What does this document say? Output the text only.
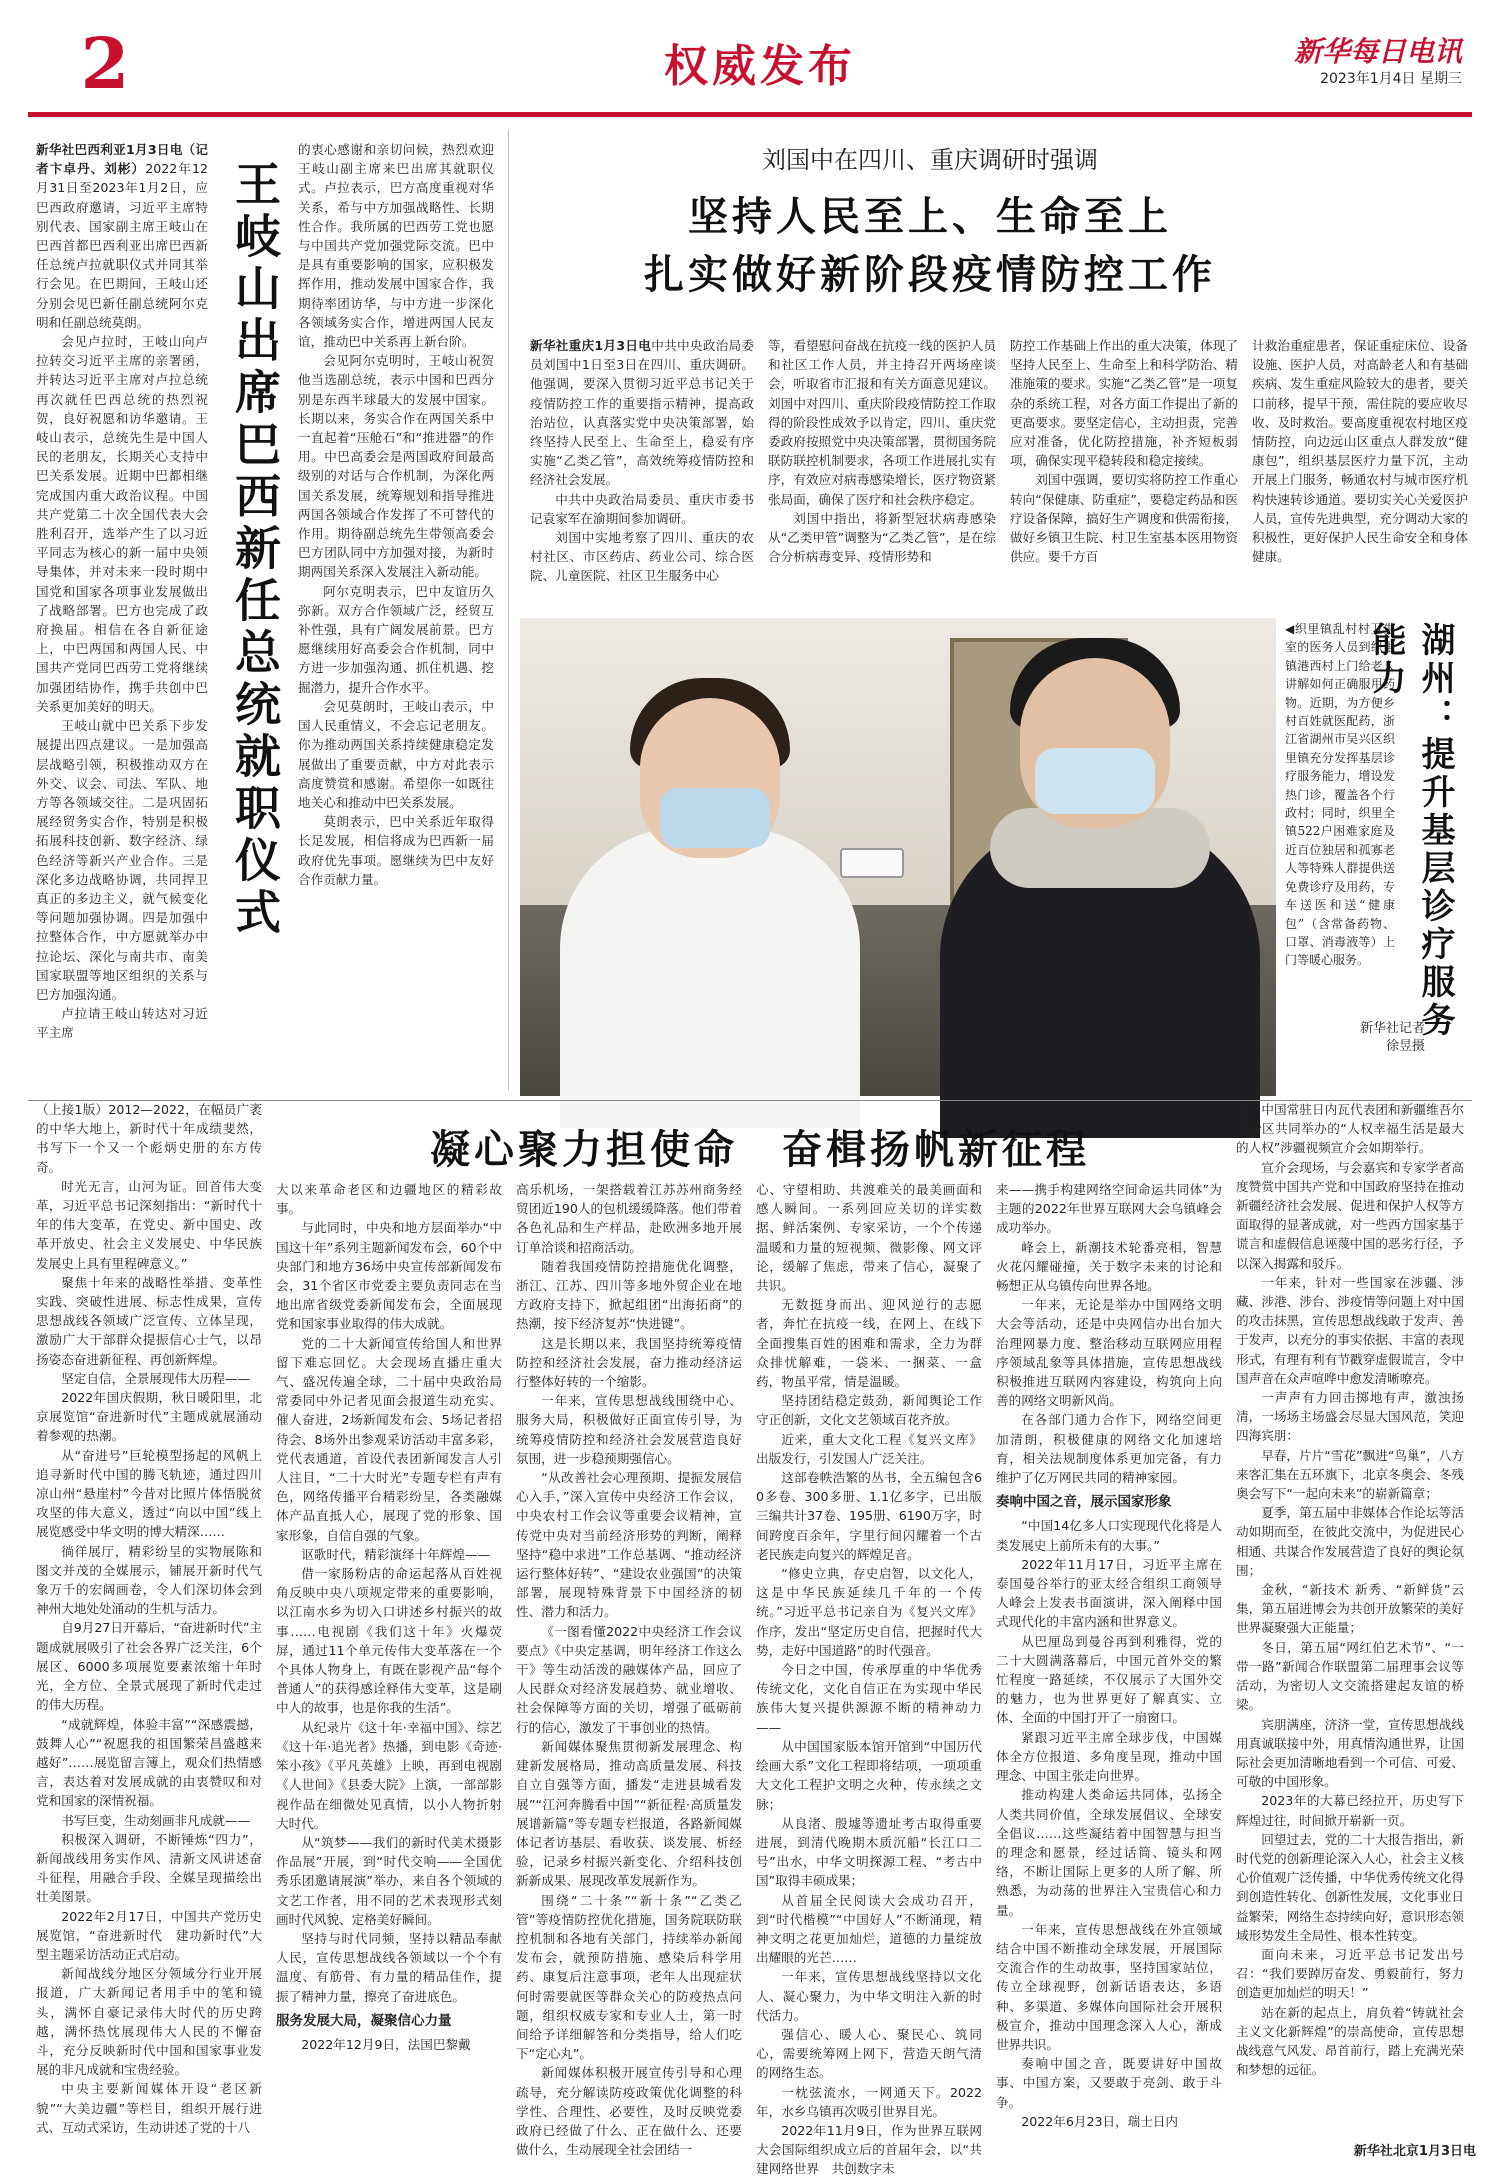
2	权威发布	新华每日电讯
2023年1月4日 星期三

新华社巴西利亚1月3日电（记者卞卓丹、刘彬）2022年12月31日至2023年1月2日，应巴西政府邀请，习近平主席特别代表、国家副主席王岐山在巴西首都巴西利亚出席巴西新任总统卢拉就职仪式并同其举行会见。在巴期间，王岐山还分别会见巴新任副总统阿尔克明和任副总统莫朗。

会见卢拉时，王岐山向卢拉转交习近平主席的亲署函，并转达习近平主席对卢拉总统再次就任巴西总统的热烈祝贺，良好祝愿和访华邀请。王岐山表示，总统先生是中国人民的老朋友，长期关心支持中巴关系发展。近期中巴都相继完成国内重大政治议程。中国共产党第二十次全国代表大会胜利召开，选举产生了以习近平同志为核心的新一届中央领导集体，并对未来一段时期中国党和国家各项事业发展做出了战略部署。巴方也完成了政府换届。相信在各自新征途上，中巴两国和两国人民、中国共产党同巴西劳工党将继续加强团结协作，携手共创中巴关系更加美好的明天。

王岐山就中巴关系下步发展提出四点建议。一是加强高层战略引领，积极推动双方在外交、议会、司法、军队、地方等各领域交往。二是巩固拓展经贸务实合作，特别是积极拓展科技创新、数字经济、绿色经济等新兴产业合作。三是深化多边战略协调，共同捍卫真正的多边主义，就气候变化等问题加强协调。四是加强中拉整体合作，中方愿就举办中拉论坛、深化与南共市、南美国家联盟等地区组织的关系与巴方加强沟通。

卢拉请王岐山转达对习近平主席

王岐山出席巴西新任总统就职仪式

的衷心感谢和亲切问候，热烈欢迎王岐山副主席来巴出席其就职仪式。卢拉表示，巴方高度重视对华关系，希与中方加强战略性、长期性合作。我所属的巴西劳工党也愿与中国共产党加强党际交流。巴中是具有重要影响的国家，应积极发挥作用，推动发展中国家合作，我期待率团访华，与中方进一步深化各领域务实合作，增进两国人民友谊，推动巴中关系再上新台阶。

会见阿尔克明时，王岐山祝贺他当选副总统，表示中国和巴西分别是东西半球最大的发展中国家。长期以来，务实合作在两国关系中一直起着“压舱石”和“推进器”的作用。中巴高委会是两国政府间最高级别的对话与合作机制，为深化两国关系发展，统筹规划和指导推进两国各领域合作发挥了不可替代的作用。期待副总统先生带领高委会巴方团队同中方加强对接，为新时期两国关系深入发展注入新动能。

阿尔克明表示，巴中友谊历久弥新。双方合作领域广泛，经贸互补性强，具有广阔发展前景。巴方愿继续用好高委会合作机制，同中方进一步加强沟通、抓住机遇、挖掘潜力，提升合作水平。

会见莫朗时，王岐山表示，中国人民重情义，不会忘记老朋友。你为推动两国关系持续健康稳定发展做出了重要贡献，中方对此表示高度赞赏和感谢。希望你一如既往地关心和推动中巴关系发展。

莫朗表示，巴中关系近年取得长足发展，相信将成为巴西新一届政府优先事项。愿继续为巴中友好合作贡献力量。

刘国中在四川、重庆调研时强调
坚持人民至上、生命至上
扎实做好新阶段疫情防控工作

新华社重庆1月3日电中共中央政治局委员刘国中1日至3日在四川、重庆调研。他强调，要深入贯彻习近平总书记关于疫情防控工作的重要指示精神，提高政治站位，认真落实党中央决策部署，始终坚持人民至上、生命至上，稳妥有序实施“乙类乙管”，高效统筹疫情防控和经济社会发展。

中共中央政治局委员、重庆市委书记袁家军在渝期间参加调研。

刘国中实地考察了四川、重庆的农村社区、市区药店、药业公司、综合医院、儿童医院、社区卫生服务中心

等，看望慰问奋战在抗疫一线的医护人员和社区工作人员，并主持召开两场座谈会，听取省市汇报和有关方面意见建议。刘国中对四川、重庆阶段疫情防控工作取得的阶段性成效予以肯定，四川、重庆党委政府按照党中央决策部署，贯彻国务院联防联控机制要求，各项工作进展扎实有序，有效应对病毒感染增长，医疗物资紧张局面，确保了医疗和社会秩序稳定。

刘国中指出，将新型冠状病毒感染从“乙类甲管”调整为“乙类乙管”，是在综合分析病毒变异、疫情形势和

防控工作基础上作出的重大决策，体现了坚持人民至上、生命至上和科学防治、精准施策的要求。实施“乙类乙管”是一项复杂的系统工程，对各方面工作提出了新的更高要求。要坚定信心，主动担责，完善应对准备，优化防控措施，补齐短板弱项，确保实现平稳转段和稳定接续。

刘国中强调，要切实将防控工作重心转向“保健康、防重症”，要稳定药品和医疗设备保障，搞好生产调度和供需衔接，做好乡镇卫生院、村卫生室基本医用物资供应。要千方百

计救治重症患者，保证重症床位、设备设施、医护人员，对高龄老人和有基础疾病、发生重症风险较大的患者，要关口前移，提早干预，需住院的要应收尽收、及时救治。要高度重视农村地区疫情防控，向边远山区重点人群发放“健康包”，组织基层医疗力量下沉，主动开展上门服务，畅通农村与城市医疗机构快速转诊通道。要切实关心关爱医护人员，宣传先进典型，充分调动大家的积极性，更好保护人民生命安全和身体健康。

◀织里镇乱村村卫生室的医务人员到织里镇港西村上门给老人讲解如何正确服用药物。近期，为方便乡村百姓就医配药，浙江省湖州市吴兴区织里镇充分发挥基层诊疗服务能力，增设发热门诊，覆盖各个行政村；同时，织里全镇522户困难家庭及近百位独居和孤寡老人等特殊人群提供送免费诊疗及用药，专车送医和送“健康包”（含常备药物、口罩、消毒液等）上门等暖心服务。	湖州：提升基层诊疗服务能力
新华社记者
徐昱摄
凝心聚力担使命　奋楫扬帆新征程

（上接1版）2012—2022，在幅员广袤的中华大地上，新时代十年成绩斐然，书写下一个又一个彪炳史册的东方传奇。

时光无言，山河为证。回首伟大变革，习近平总书记深刻指出：“新时代十年的伟大变革，在党史、新中国史、改革开放史、社会主义发展史、中华民族发展史上具有里程碑意义。”

聚焦十年来的战略性举措、变革性实践、突破性进展、标志性成果，宣传思想战线各领域广泛宣传、立体呈现，激励广大干部群众提振信心士气，以昂扬姿态奋进新征程、再创新辉煌。

坚定自信，全景展现伟大历程——

2022年国庆假期，秋日暖阳里，北京展览馆“奋进新时代”主题成就展涌动着参观的热潮。

从“奋进号”巨轮模型扬起的风帆上追寻新时代中国的腾飞轨迹，通过四川凉山州“悬崖村”今昔对比照片体悟脱贫攻坚的伟大意义，透过“向以中国”线上展览感受中华文明的博大精深……

徜徉展厅，精彩纷呈的实物展陈和图文并茂的全媒展示，铺展开新时代气象万千的宏阔画卷，令人们深切体会到神州大地处处涌动的生机与活力。

自9月27日开幕后，“奋进新时代”主题成就展吸引了社会各界广泛关注，6个展区、6000多项展览要素浓缩十年时光，全方位、全景式展现了新时代走过的伟大历程。

“成就辉煌，体验丰富”“深感震撼，鼓舞人心”“祝愿我的祖国繁荣昌盛越来越好”……展览留言簿上，观众们热情感言，表达着对发展成就的由衷赞叹和对党和国家的深情祝福。

书写巨变，生动刻画非凡成就——

积极深入调研，不断锤炼“四力”，新闻战线用务实作风、清新文风讲述奋斗征程，用融合手段、全媒呈现描绘出壮美图景。

2022年2月17日，中国共产党历史展览馆，“奋进新时代　建功新时代”大型主题采访活动正式启动。

新闻战线分地区分领域分行业开展报道，广大新闻记者用手中的笔和镜头，满怀自豪记录伟大时代的历史跨越，满怀热忱展现伟大人民的不懈奋斗，充分反映新时代中国和国家事业发展的非凡成就和宝贵经验。

中央主要新闻媒体开设“老区新貌”“大美边疆”等栏目，组织开展行进式、互动式采访，生动讲述了党的十八

大以来革命老区和边疆地区的精彩故事。

与此同时，中央和地方层面举办“中国这十年”系列主题新闻发布会，60个中央部门和地方36场中央宣传部新闻发布会，31个省区市党委主要负责同志在当地出席省级党委新闻发布会，全面展现党和国家事业取得的伟大成就。

党的二十大新闻宣传给国人和世界留下难忘回忆。大会现场直播庄重大气、盛况传遍全球，二十届中央政治局常委同中外记者见面会报道生动充实、催人奋进，2场新闻发布会、5场记者招待会、8场外出参观采访活动丰富多彩，党代表通道，首设代表团新闻发言人引人注目，“二十大时光”专题专栏有声有色，网络传播平台精彩纷呈，各类融媒体产品直抵人心，展现了党的形象、国家形象，自信自强的气象。

讴歌时代，精彩演绎十年辉煌——

借一家肠粉店的命运起落从百姓视角反映中央八项规定带来的重要影响，以江南水乡为切入口讲述乡村振兴的故事……电视剧《我们这十年》火爆荧屏，通过11个单元传伟大变革落在一个个具体人物身上，有既在影视产品“每个普通人”的获得感诠释伟大变革，这是刷中人的故事，也是你我的生活”。

从纪录片《这十年·幸福中国》、综艺《这十年·追光者》热播，到电影《奇迹·笨小孩》《平凡英雄》上映，再到电视剧《人世间》《县委大院》上演，一部部影视作品在细微处见真情，以小人物折射大时代。

从“筑梦——我们的新时代美术摄影作品展”开展，到“时代交响——全国优秀乐团邀请展演”举办，来自各个领域的文艺工作者，用不同的艺术表现形式刻画时代风貌、定格美好瞬间。

坚持与时代同频，坚持以精品奉献人民，宣传思想战线各领域以一个个有温度、有筋骨、有力量的精品佳作，提振了精神力量，擦亮了奋进底色。

服务发展大局，凝聚信心力量

2022年12月9日，法国巴黎戴

高乐机场，一架搭载着江苏苏州商务经贸团近190人的包机缓缓降落。他们带着各色礼品和生产样品，赴欧洲多地开展订单洽谈和招商活动。

随着我国疫情防控措施优化调整，浙江、江苏、四川等多地外贸企业在地方政府支持下，掀起组团“出海拓商”的热潮，按下经济复苏“快进键”。

这是长期以来，我国坚持统筹疫情防控和经济社会发展，奋力推动经济运行整体好转的一个缩影。

一年来，宣传思想战线围绕中心、服务大局，积极做好正面宣传引导，为统筹疫情防控和经济社会发展营造良好氛围，进一步稳预期强信心。

“从改善社会心理预期、提振发展信心入手，”深入宣传中央经济工作会议，中央农村工作会议等重要会议精神，宣传党中央对当前经济形势的判断，阐释坚持“稳中求进”工作总基调、“推动经济运行整体好转”、“建设农业强国”的决策部署，展现特殊背景下中国经济的韧性、潜力和活力。

《一图看懂2022中央经济工作会议要点》《中央定基调，明年经济工作这么干》等生动活泼的融媒体产品，回应了人民群众对经济发展趋势、就业增收、社会保障等方面的关切，增强了砥砺前行的信心，激发了干事创业的热情。

新闻媒体聚焦贯彻新发展理念、构建新发展格局，推动高质量发展、科技自立自强等方面，播发“走进县城看发展”“江河奔腾看中国”“新征程·高质量发展谱新篇”等专题专栏报道，各路新闻媒体记者访基层、看收获、谈发展、析经验，记录乡村振兴新变化、介绍科技创新新成果、展现改革发展新作为。

围绕“二十条”“新十条”“乙类乙管”等疫情防控优化措施，国务院联防联控机制和各地有关部门，持续举办新闻发布会，就预防措施、感染后科学用药、康复后注意事项，老年人出现症状何时需要就医等群众关心的防疫热点问题，组织权威专家和专业人士，第一时间给予详细解答和分类指导，给人们吃下“定心丸”。

新闻媒体积极开展宣传引导和心理疏导，充分解读防疫政策优化调整的科学性、合理性、必要性，及时反映党委政府已经做了什么、正在做什么、还要做什么，生动展现全社会团结一

心、守望相助、共渡难关的最美画面和感人瞬间。一系列回应关切的详实数据、鲜活案例、专家采访，一个个传递温暖和力量的短视频、微影像、网文评论，缓解了焦虑，带来了信心，凝聚了共识。

无数挺身而出、迎风逆行的志愿者，奔忙在抗疫一线，在网上、在线下全面搜集百姓的困难和需求，全力为群众排忧解难，一袋米、一捆菜、一盒药，物虽平常，情是温暖。

坚持团结稳定鼓劲，新闻舆论工作守正创新，文化文艺领域百花齐放。

近来，重大文化工程《复兴文库》出版发行，引发国人广泛关注。

这部卷帙浩繁的丛书，全五编包含60多卷、300多册、1.1亿多字，已出版三编共计37卷、195册、6190万字，时间跨度百余年，字里行间闪耀着一个古老民族走向复兴的辉煌足音。

“修史立典，存史启智，以文化人，这是中华民族延续几千年的一个传统。”习近平总书记亲自为《复兴文库》作序，发出“坚定历史自信，把握时代大势，走好中国道路”的时代强音。

今日之中国，传承厚重的中华优秀传统文化，文化自信正在为实现中华民族伟大复兴提供源源不断的精神动力——

从中国国家版本馆开馆到“中国历代绘画大系”文化工程即将结项，一项项重大文化工程护文明之火种，传永续之文脉；

从良渚、殷墟等遗址考古取得重要进展，到清代晚期木质沉船“长江口二号”出水，中华文明探源工程、“考古中国”取得丰硕成果；

从首届全民阅读大会成功召开，到“时代楷模”“中国好人”不断涌现，精神文明之花更加灿烂，道德的力量绽放出耀眼的光芒……

一年来，宣传思想战线坚持以文化人、凝心聚力，为中华文明注入新的时代活力。

强信心、暖人心、聚民心、筑同心，需要统筹网上网下，营造天朗气清的网络生态。

一枕弦流水，一网通天下。2022年，水乡乌镇再次吸引世界目光。

2022年11月9日，作为世界互联网大会国际组织成立后的首届年会，以“共建网络世界　共创数字未

来——携手构建网络空间命运共同体”为主题的2022年世界互联网大会乌镇峰会成功举办。

峰会上，新潮技术轮番亮相，智慧火花闪耀碰撞，关于数字未来的讨论和畅想正从乌镇传向世界各地。

一年来，无论是举办中国网络文明大会等活动，还是中央网信办出台加大治理网暴力度、整治移动互联网应用程序领域乱象等具体措施，宣传思想战线积极推进互联网内容建设，构筑向上向善的网络文明新风尚。

在各部门通力合作下，网络空间更加清朗，积极健康的网络文化加速培育，相关法规制度体系更加完备，有力维护了亿万网民共同的精神家园。

奏响中国之音，展示国家形象

“中国14亿多人口实现现代化将是人类发展史上前所未有的大事。”

2022年11月17日，习近平主席在泰国曼谷举行的亚太经合组织工商领导人峰会上发表书面演讲，深入阐释中国式现代化的丰富内涵和世界意义。

从巴厘岛到曼谷再到利雅得，党的二十大圆满落幕后，中国元首外交的繁忙程度一路延续，不仅展示了大国外交的魅力，也为世界更好了解真实、立体、全面的中国打开了一扇窗口。

紧跟习近平主席全球步伐，中国媒体全方位报道、多角度呈现，推动中国理念、中国主张走向世界。

推动构建人类命运共同体，弘扬全人类共同价值，全球发展倡议、全球安全倡议……这些凝结着中国智慧与担当的理念和愿景，经过话筒、镜头和网络，不断让国际上更多的人所了解、所熟悉，为动荡的世界注入宝贵信心和力量。

一年来，宣传思想战线在外宣领域结合中国不断推动全球发展，开展国际交流合作的生动故事，坚持国家站位，传立全球视野，创新话语表达，多语种、多渠道、多媒体向国际社会开展积极宣介，推动中国理念深入人心，渐成世界共识。

奏响中国之音，既要讲好中国故事、中国方案，又要敢于亮剑、敢于斗争。

2022年6月23日，瑞士日内

瓦，中国常驻日内瓦代表团和新疆维吾尔自治区共同举办的“人权幸福生活是最大的人权”涉疆视频宣介会如期举行。

宣介会现场，与会嘉宾和专家学者高度赞赏中国共产党和中国政府坚持在推动新疆经济社会发展、促进和保护人权等方面取得的显著成就，对一些西方国家基于谎言和虚假信息诬蔑中国的恶劣行径，予以深入揭露和驳斥。

一年来，针对一些国家在涉疆、涉藏、涉港、涉台、涉疫情等问题上对中国的攻击抹黑，宣传思想战线敢于发声、善于发声，以充分的事实依据、丰富的表现形式，有理有利有节戳穿虚假谎言，令中国声音在众声喧哗中愈发清晰嘹亮。

一声声有力回击掷地有声，激浊扬清，一场场主场盛会尽显大国风范，笑迎四海宾朋：

早春，片片“雪花”飘进“鸟巢”，八方来客汇集在五环旗下，北京冬奥会、冬残奥会写下“一起向未来”的崭新篇章；

夏季，第五届中非媒体合作论坛等活动如期而至，在彼此交流中，为促进民心相通、共谋合作发展营造了良好的舆论氛围；

金秋，“新技术 新秀、“新鲜货”云集，第五届进博会为共创开放繁荣的美好世界凝聚强大正能量；

冬日，第五届“网红伯艺术节”、“一带一路”新闻合作联盟第二届理事会议等活动，为密切人文交流搭建起友谊的桥梁。

宾朋满座，济济一堂，宣传思想战线用真诚联接中外，用真情沟通世界，让国际社会更加清晰地看到一个可信、可爱、可敬的中国形象。

2023年的大幕已经拉开，历史写下辉煌过往，时间掀开崭新一页。

回望过去，党的二十大报告指出，新时代党的创新理论深入人心，社会主义核心价值观广泛传播，中华优秀传统文化得到创造性转化、创新性发展，文化事业日益繁荣，网络生态持续向好，意识形态领域形势发生全局性、根本性转变。

面向未来，习近平总书记发出号召：“我们要踔厉奋发、勇毅前行，努力创造更加灿烂的明天！”

站在新的起点上，肩负着“铸就社会主义文化新辉煌”的崇高使命，宣传思想战线意气风发、昂首前行，踏上充满光荣和梦想的远征。

新华社北京1月3日电
